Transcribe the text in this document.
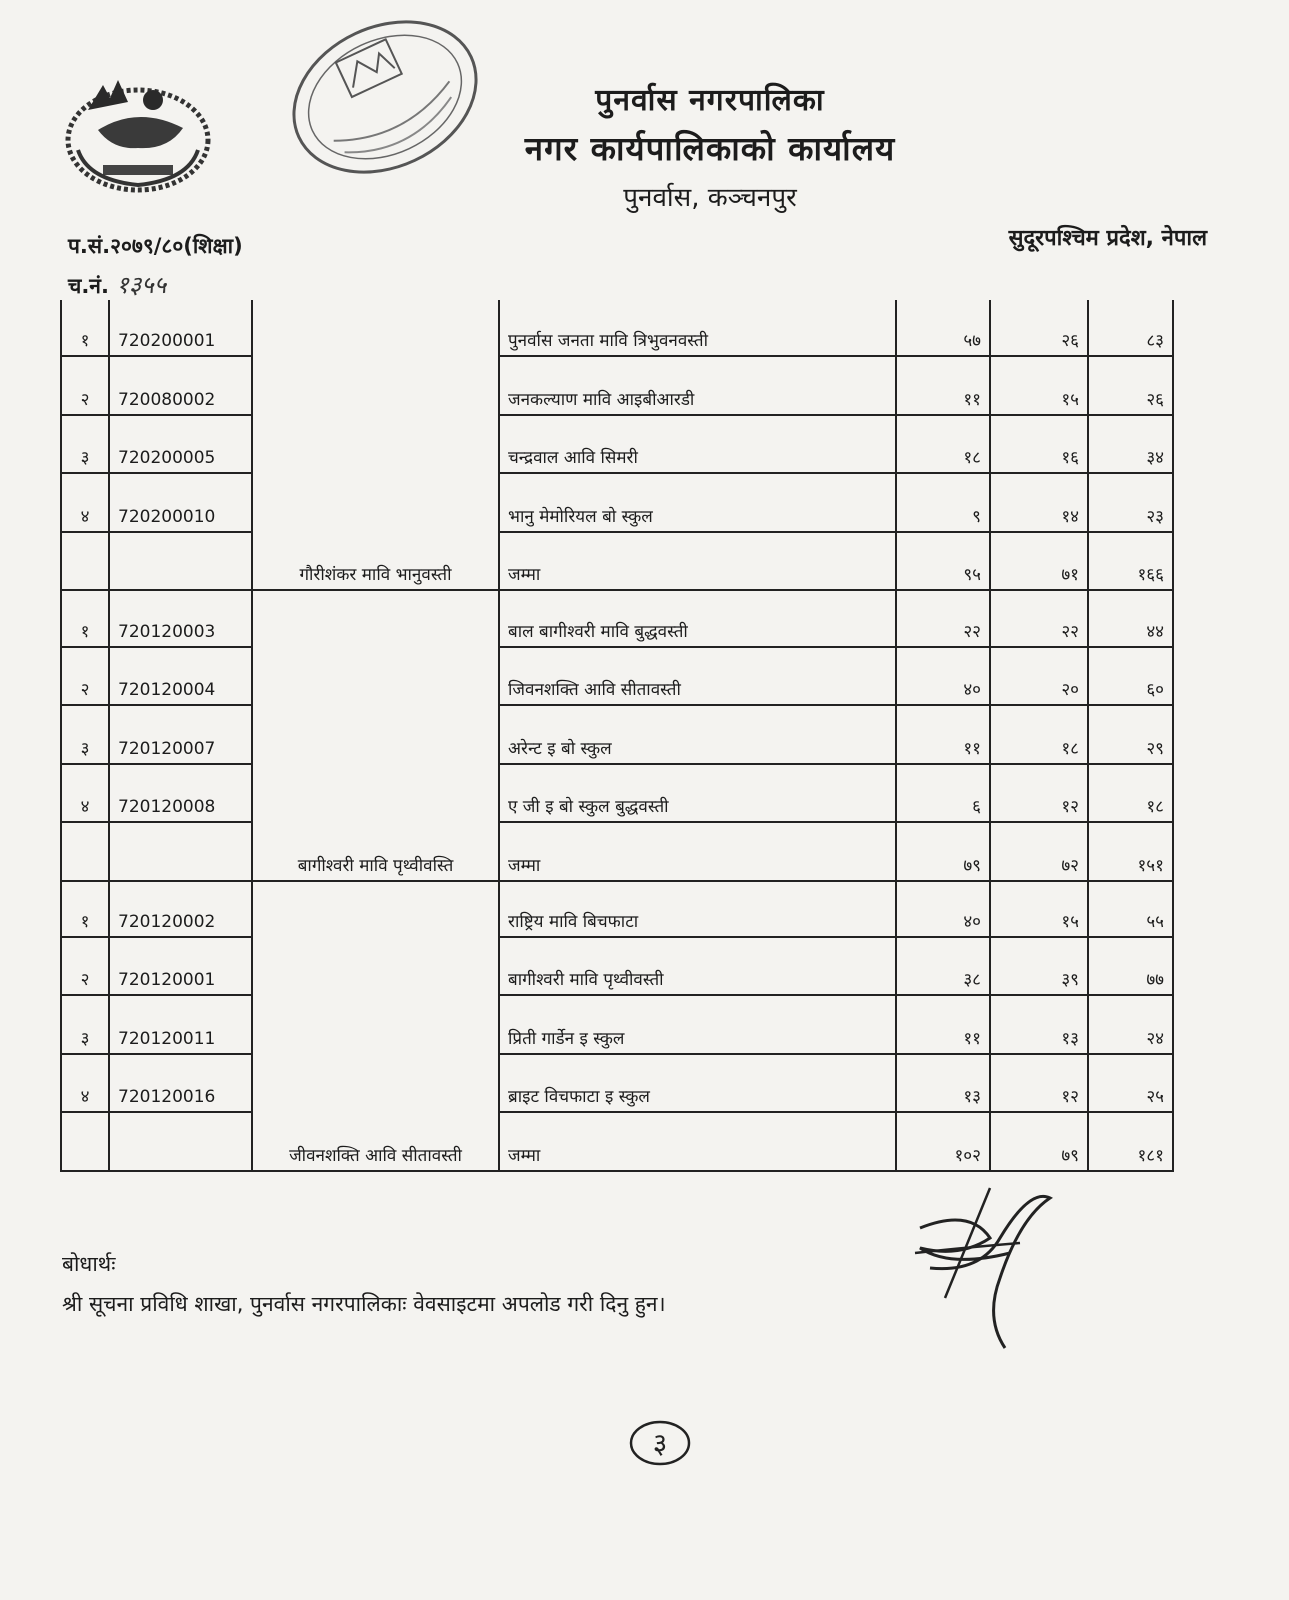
पुनर्वास नगरपालिका
नगर कार्यपालिकाको कार्यालय
पुनर्वास, कञ्चनपुर
सुदूरपश्चिम प्रदेश, नेपाल
प.सं.२०७९/८०(शिक्षा)
च.नं. १३५५
१	720200001	गौरीशंकर मावि भानुवस्ती	पुनर्वास जनता मावि त्रिभुवनवस्ती	५७	२६	८३
२	720080002		जनकल्याण मावि आइबीआरडी	११	१५	२६
३	720200005		चन्द्रवाल आवि सिमरी	१८	१६	३४
४	720200010		भानु मेमोरियल बो स्कुल	९	१४	२३
			जम्मा	९५	७१	१६६
१	720120003	बागीश्वरी मावि पृथ्वीवस्ति	बाल बागीश्वरी मावि बुद्धवस्ती	२२	२२	४४
२	720120004		जिवनशक्ति आवि सीतावस्ती	४०	२०	६०
३	720120007		अरेन्ट इ बो स्कुल	११	१८	२९
४	720120008		ए जी इ बो स्कुल बुद्धवस्ती	६	१२	१८
			जम्मा	७९	७२	१५१
१	720120002	जीवनशक्ति आवि सीतावस्ती	राष्ट्रिय मावि बिचफाटा	४०	१५	५५
२	720120001		बागीश्वरी मावि पृथ्वीवस्ती	३८	३९	७७
३	720120011		प्रिती गार्डेन इ स्कुल	११	१३	२४
४	720120016		ब्राइट विचफाटा इ स्कुल	१३	१२	२५
			जम्मा	१०२	७९	१८१
बोधार्थः
श्री सूचना प्रविधि शाखा, पुनर्वास नगरपालिकाः वेवसाइटमा अपलोड गरी दिनु हुन।
३
